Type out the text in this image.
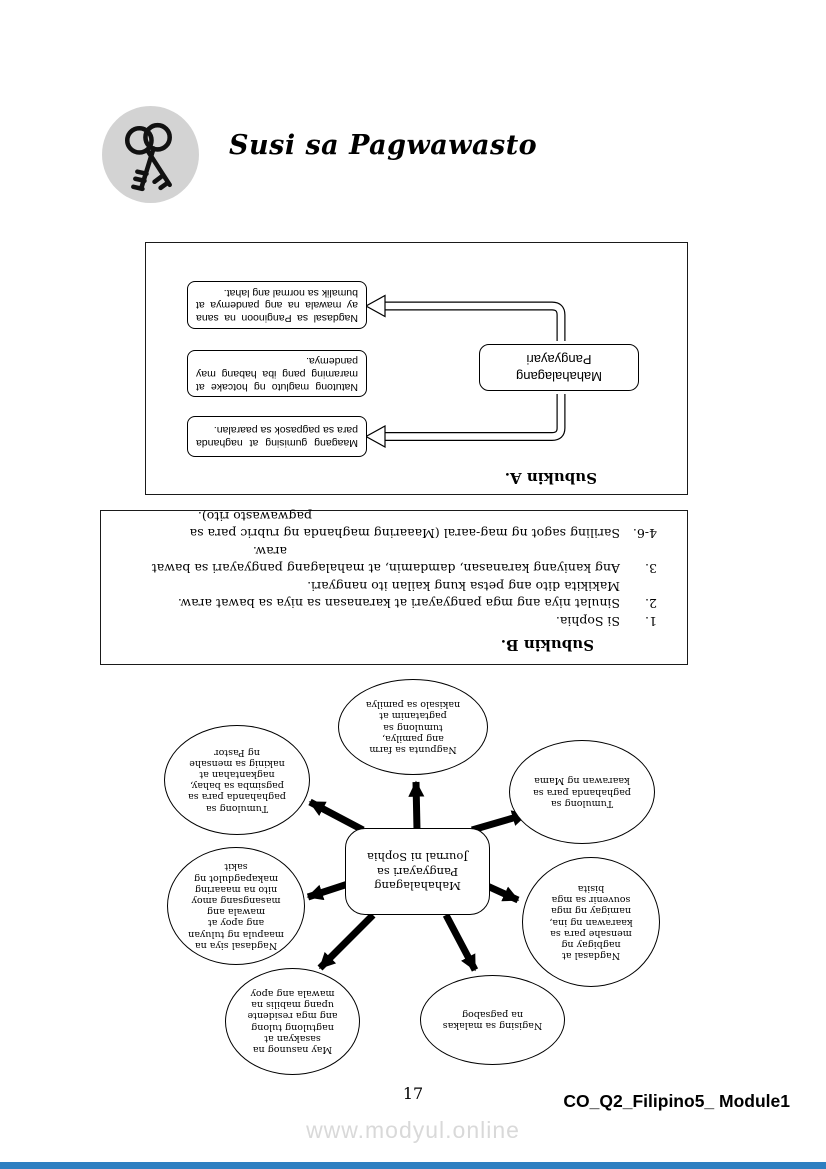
Susi sa Pagwawasto
Subukin A.
Mahahalagang Pangyayari
Maagang gumising at naghanda para sa pagpasok sa paaralan.
Natutong magluto ng hotcake at maraming pang iba habang may pandemya.
Nagdasal sa Panginoon na sana ay mawala na ang pandemya at bumalik sa normal ang lahat.
Subukin B.
1.Si Sophia.
2.Sinulat niya ang mga pangyayari at karanasan sa niya sa bawat araw.
Makikita dito ang petsa kung kailan ito nangyari.
3.Ang kaniyang karanasan, damdamin, at mahalagang pangyayari sa bawat
araw.
4-6.Sariling sagot ng mag-aaral (Maaaring maghanda ng rubric para sa
pagwawasto rito).
Mahahalagang Pangyayari sa Journal ni Sophia
Nagpunta sa farm ang pamilya, tumulong sa pagtatanim at nakisalo sa pamilya
Tumulong sa paghahanda para sa pagsimba sa bahay, nagkantahan at nakinig sa mensahe ng Pastor
Tumulong sa paghahanda para sa kaarawan ng Mama
Nagdasal siya na maapula ng tuluyan ang apoy at mawala ang masangsang amoy nito na maaaring makapagdulot ng sakit
Nagdasal at nagbigay ng mensahe para sa kaarawan ng ina, namigay ng mga souvenir sa mga bisita
May nasunog na sasakyan at nagtulong tulong ang mga residente upang mabilis na mawala ang apoy
Nagising sa malakas na pagsabog
17	CO_Q2_Filipino5_ Module1
www.modyul.online
